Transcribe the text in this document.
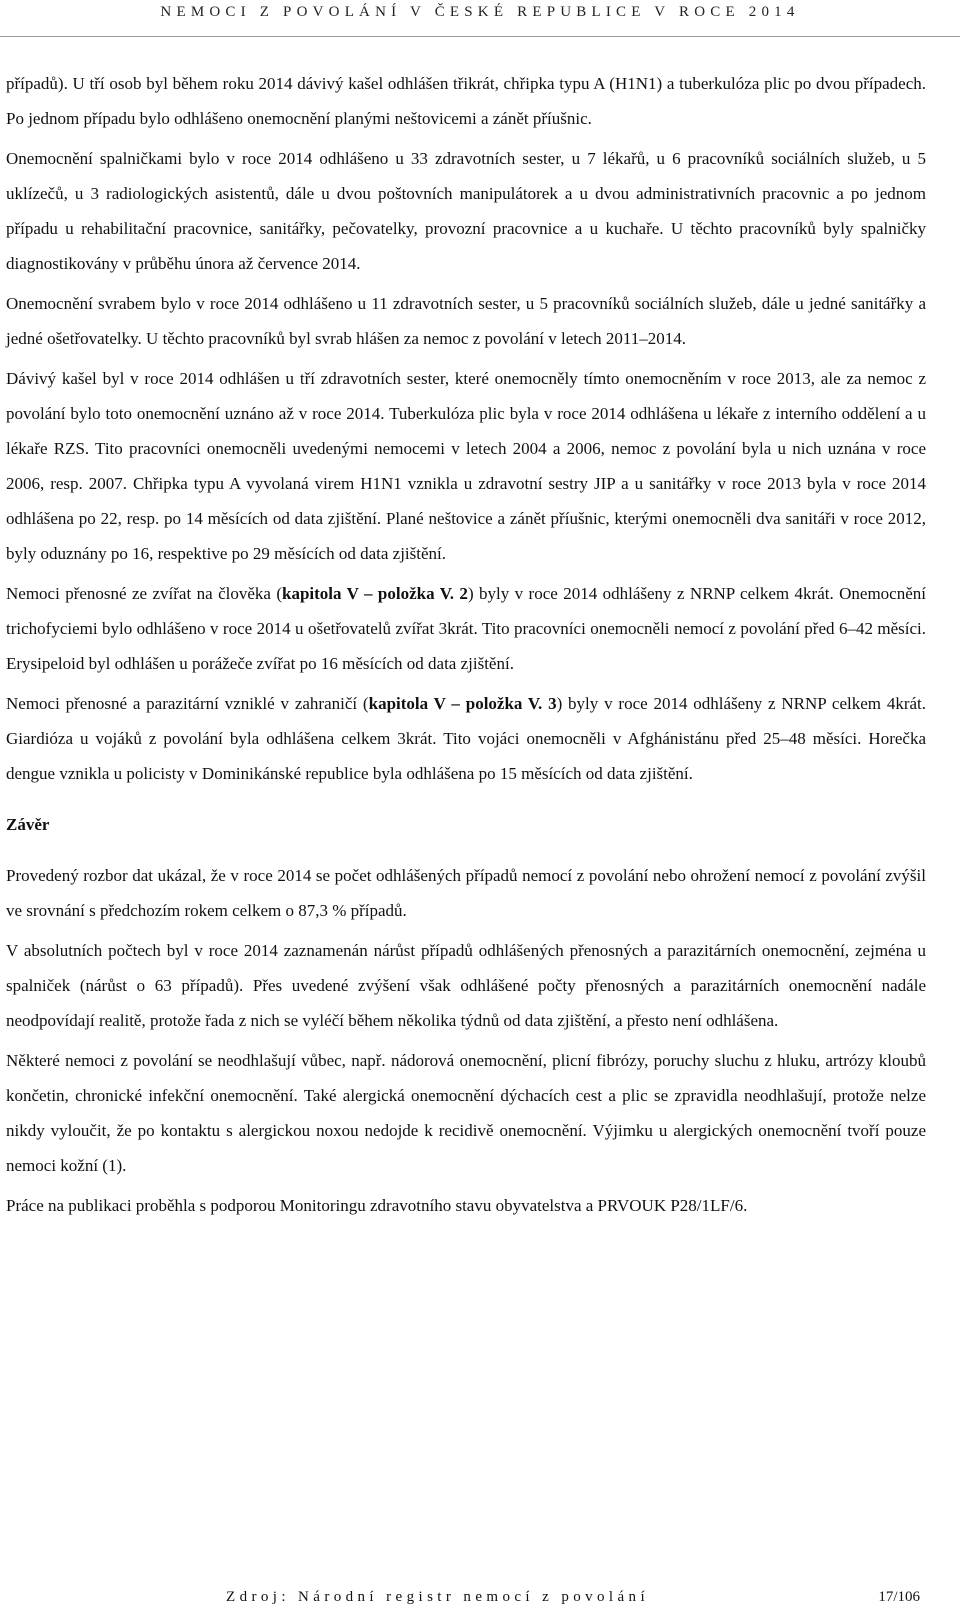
NEMOCI Z POVOLÁNÍ V ČESKÉ REPUBLICE V ROCE 2014

případů). U tří osob byl během roku 2014 dávivý kašel odhlášen třikrát, chřipka typu A (H1N1) a tuberkulóza plic po dvou případech. Po jednom případu bylo odhlášeno onemocnění planými neštovicemi a zánět příušnic.

Onemocnění spalničkami bylo v roce 2014 odhlášeno u 33 zdravotních sester, u 7 lékařů, u 6 pracovníků sociálních služeb, u 5 uklízečů, u 3 radiologických asistentů, dále u dvou poštovních manipulátorek a u dvou administrativních pracovnic a po jednom případu u rehabilitační pracovnice, sanitářky, pečovatelky, provozní pracovnice a u kuchaře. U těchto pracovníků byly spalničky diagnostikovány v průběhu února až července 2014.

Onemocnění svrabem bylo v roce 2014 odhlášeno u 11 zdravotních sester, u 5 pracovníků sociálních služeb, dále u jedné sanitářky a jedné ošetřovatelky. U těchto pracovníků byl svrab hlášen za nemoc z povolání v letech 2011–2014.

Dávivý kašel byl v roce 2014 odhlášen u tří zdravotních sester, které onemocněly tímto onemocněním v roce 2013, ale za nemoc z povolání bylo toto onemocnění uznáno až v roce 2014. Tuberkulóza plic byla v roce 2014 odhlášena u lékaře z interního oddělení a u lékaře RZS. Tito pracovníci onemocněli uvedenými nemocemi v letech 2004 a 2006, nemoc z povolání byla u nich uznána v roce 2006, resp. 2007. Chřipka typu A vyvolaná virem H1N1 vznikla u zdravotní sestry JIP a u sanitářky v roce 2013 byla v roce 2014 odhlášena po 22, resp. po 14 měsících od data zjištění. Plané neštovice a zánět příušnic, kterými onemocněli dva sanitáři v roce 2012, byly oduznány po 16, respektive po 29 měsících od data zjištění.

Nemoci přenosné ze zvířat na člověka (kapitola V – položka V. 2) byly v roce 2014 odhlášeny z NRNP celkem 4krát. Onemocnění trichofyciemi bylo odhlášeno v roce 2014 u ošetřovatelů zvířat 3krát. Tito pracovníci onemocněli nemocí z povolání před 6–42 měsíci. Erysipeloid byl odhlášen u porážeče zvířat po 16 měsících od data zjištění.

Nemoci přenosné a parazitární vzniklé v zahraničí (kapitola V – položka V. 3) byly v roce 2014 odhlášeny z NRNP celkem 4krát. Giardióza u vojáků z povolání byla odhlášena celkem 3krát. Tito vojáci onemocněli v Afghánistánu před 25–48 měsíci. Horečka dengue vznikla u policisty v Dominikánské republice byla odhlášena po 15 měsících od data zjištění.

Závěr

Provedený rozbor dat ukázal, že v roce 2014 se počet odhlášených případů nemocí z povolání nebo ohrožení nemocí z povolání zvýšil ve srovnání s předchozím rokem celkem o 87,3 % případů.

V absolutních počtech byl v roce 2014 zaznamenán nárůst případů odhlášených přenosných a parazitárních onemocnění, zejména u spalniček (nárůst o 63 případů). Přes uvedené zvýšení však odhlášené počty přenosných a parazitárních onemocnění nadále neodpovídají realitě, protože řada z nich se vyléčí během několika týdnů od data zjištění, a přesto není odhlášena.

Některé nemoci z povolání se neodhlašují vůbec, např. nádorová onemocnění, plicní fibrózy, poruchy sluchu z hluku, artrózy kloubů končetin, chronické infekční onemocnění. Také alergická onemocnění dýchacích cest a plic se zpravidla neodhlašují, protože nelze nikdy vyloučit, že po kontaktu s alergickou noxou nedojde k recidivě onemocnění. Výjimku u alergických onemocnění tvoří pouze nemoci kožní (1).

Práce na publikaci proběhla s podporou Monitoringu zdravotního stavu obyvatelstva a PRVOUK P28/1LF/6.

Zdroj: Národní registr nemocí z povolání	17/106
